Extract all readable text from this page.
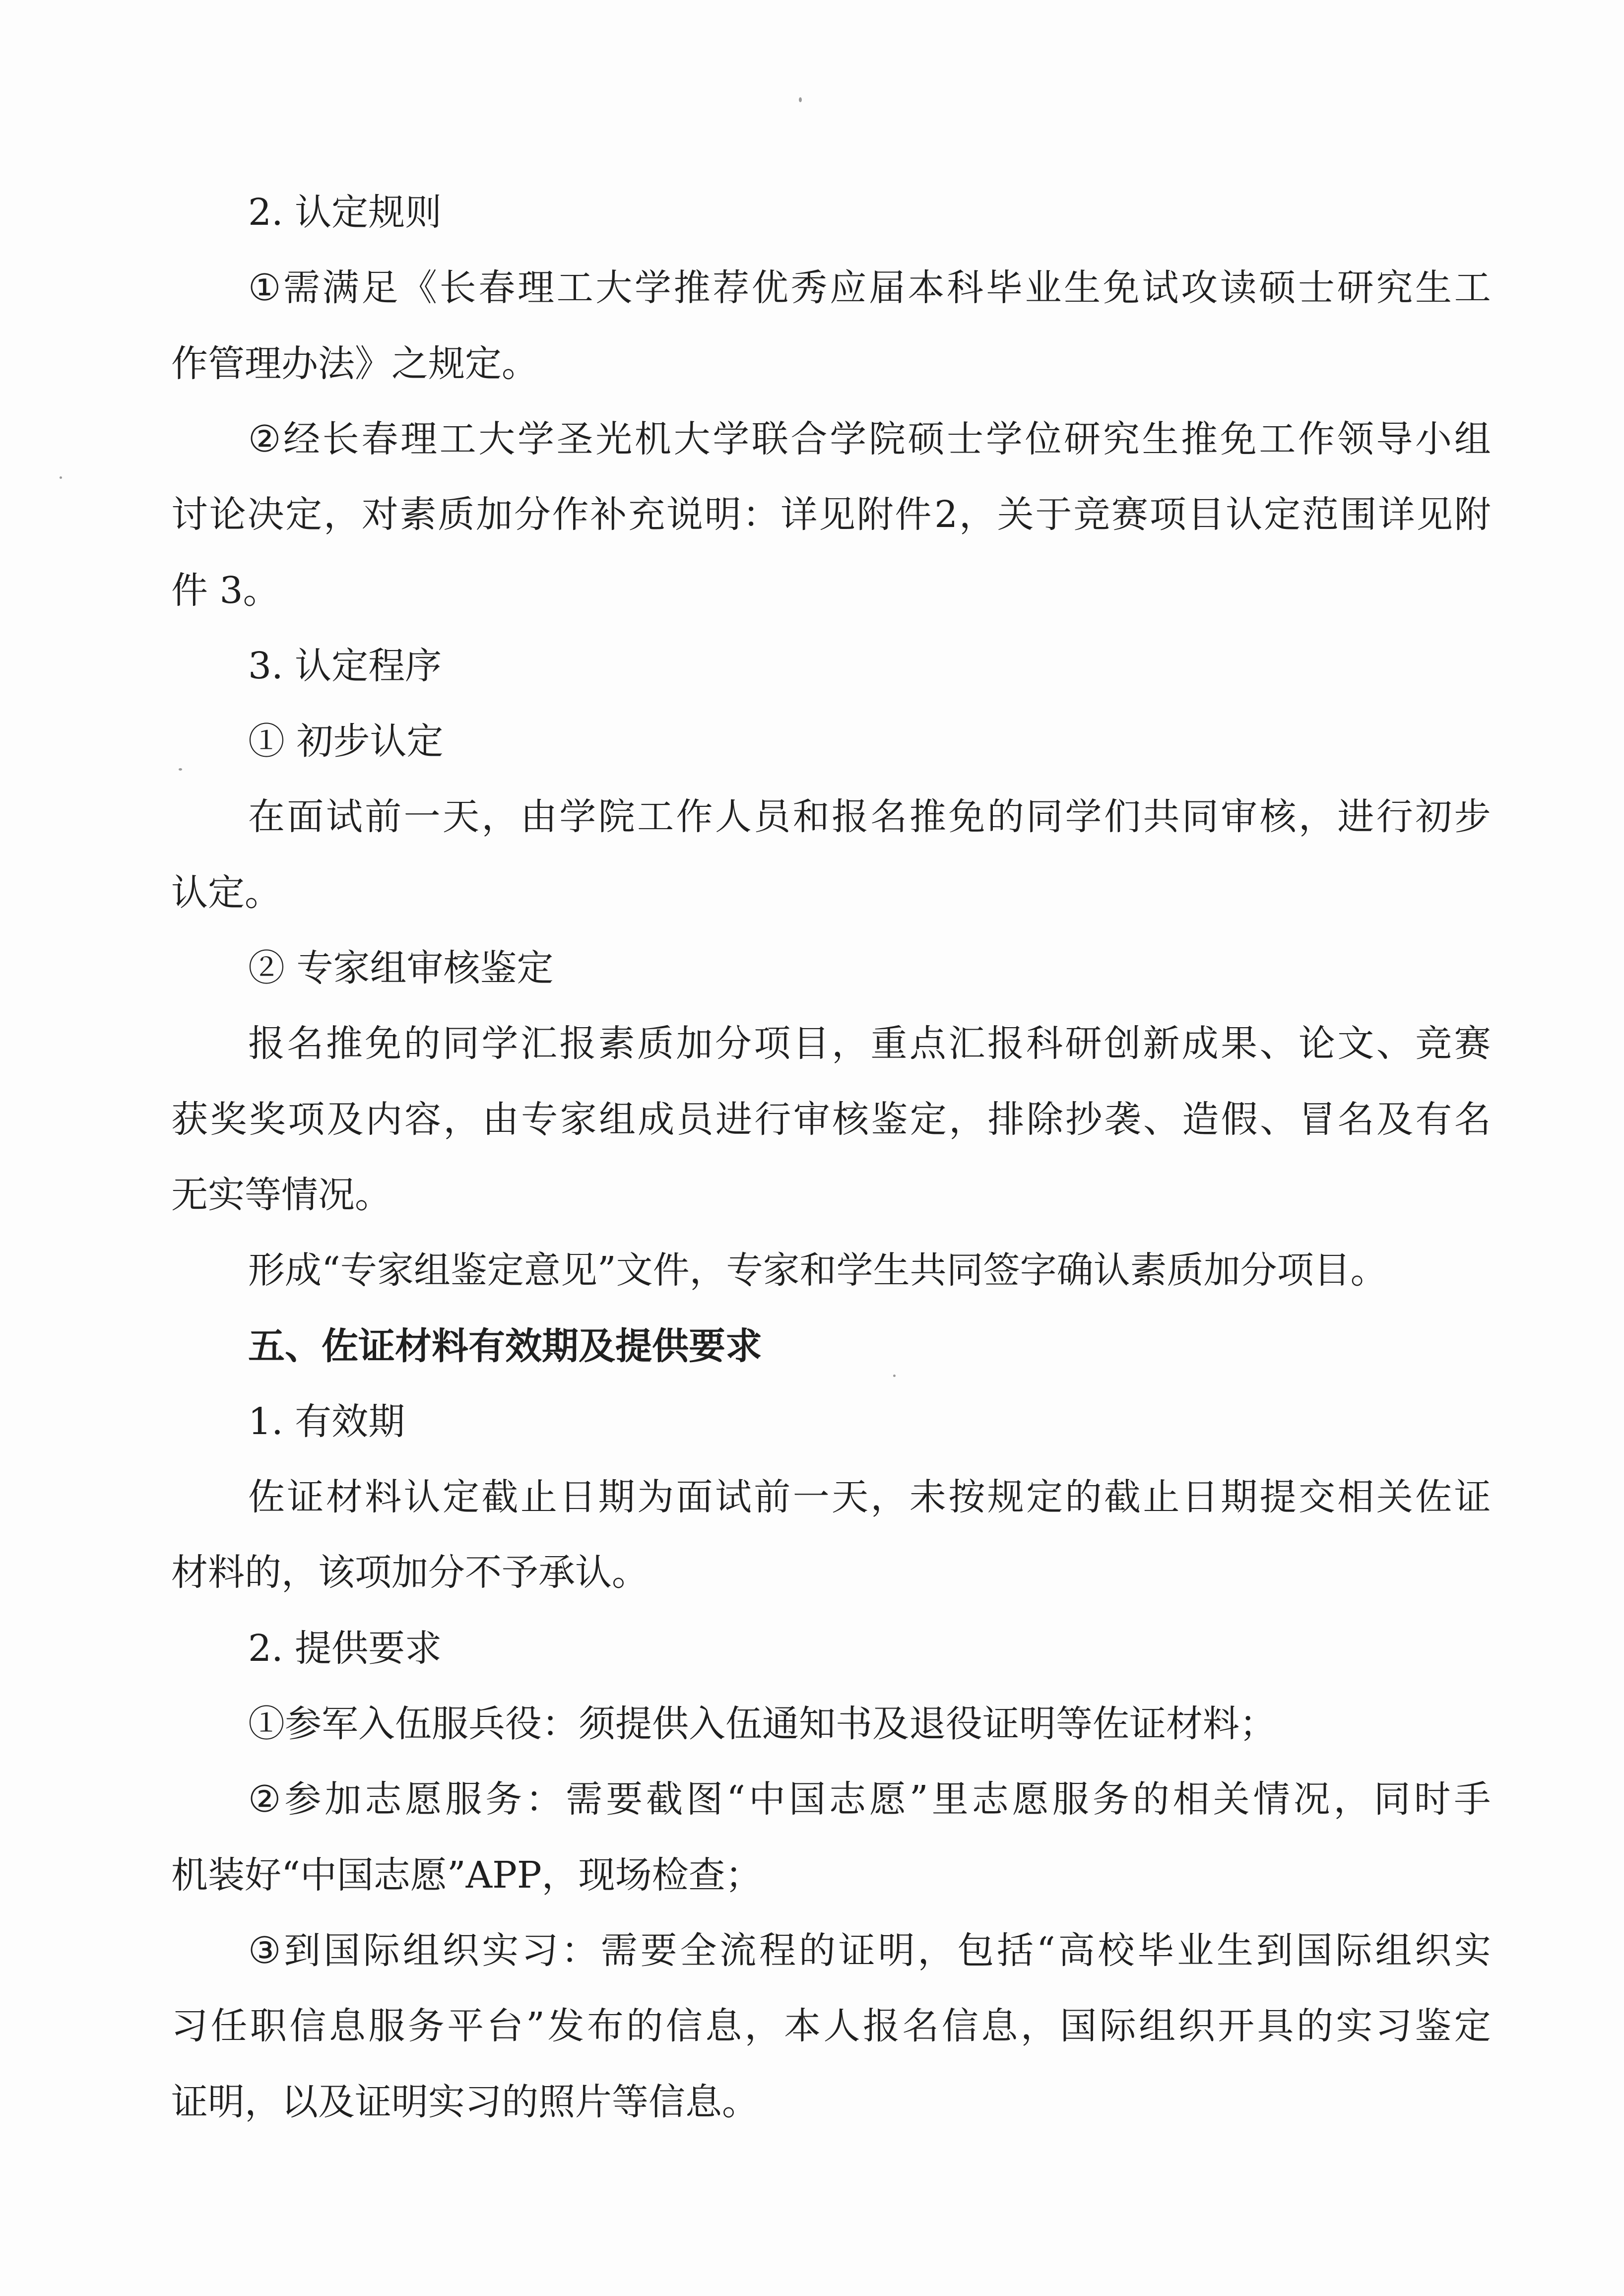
2. 认定规则
① 需 满 足 《 长 春 理 工 大 学 推 荐 优 秀 应 届 本 科 毕 业 生 免 试 攻 读 硕 士 研 究 生 工
作管理办法》之规定。
② 经 长 春 理 工 大 学 圣 光 机 大 学 联 合 学 院 硕 士 学 位 研 究 生 推 免 工 作 领 导 小 组
讨 论 决 定 ， 对 素 质 加 分 作 补 充 说 明 ： 详 见 附 件 2 ， 关 于 竞 赛 项 目 认 定 范 围 详 见 附
件 3。
3. 认定程序
① 初步认定
在 面 试 前 一 天 ， 由 学 院 工 作 人 员 和 报 名 推 免 的 同 学 们 共 同 审 核 ， 进 行 初 步
认定。
② 专家组审核鉴定
报 名 推 免 的 同 学 汇 报 素 质 加 分 项 目 ， 重 点 汇 报 科 研 创 新 成 果 、 论 文 、 竞 赛
获 奖 奖 项 及 内 容 ， 由 专 家 组 成 员 进 行 审 核 鉴 定 ， 排 除 抄 袭 、 造 假 、 冒 名 及 有 名
无实等情况。
形成“专家组鉴定意见”文件，专家和学生共同签字确认素质加分项目。
五、佐证材料有效期及提供要求
1. 有效期
佐 证 材 料 认 定 截 止 日 期 为 面 试 前 一 天 ， 未 按 规 定 的 截 止 日 期 提 交 相 关 佐 证
材料的，该项加分不予承认。
2. 提供要求
①参军入伍服兵役：须提供入伍通知书及退役证明等佐证材料；
② 参 加 志 愿 服 务 ： 需 要 截 图 “ 中 国 志 愿 ” 里 志 愿 服 务 的 相 关 情 况 ， 同 时 手
机装好“中国志愿”APP，现场检查；
③ 到 国 际 组 织 实 习 ： 需 要 全 流 程 的 证 明 ， 包 括 “ 高 校 毕 业 生 到 国 际 组 织 实
习 任 职 信 息 服 务 平 台 ” 发 布 的 信 息 ， 本 人 报 名 信 息 ， 国 际 组 织 开 具 的 实 习 鉴 定
证明，以及证明实习的照片等信息。
